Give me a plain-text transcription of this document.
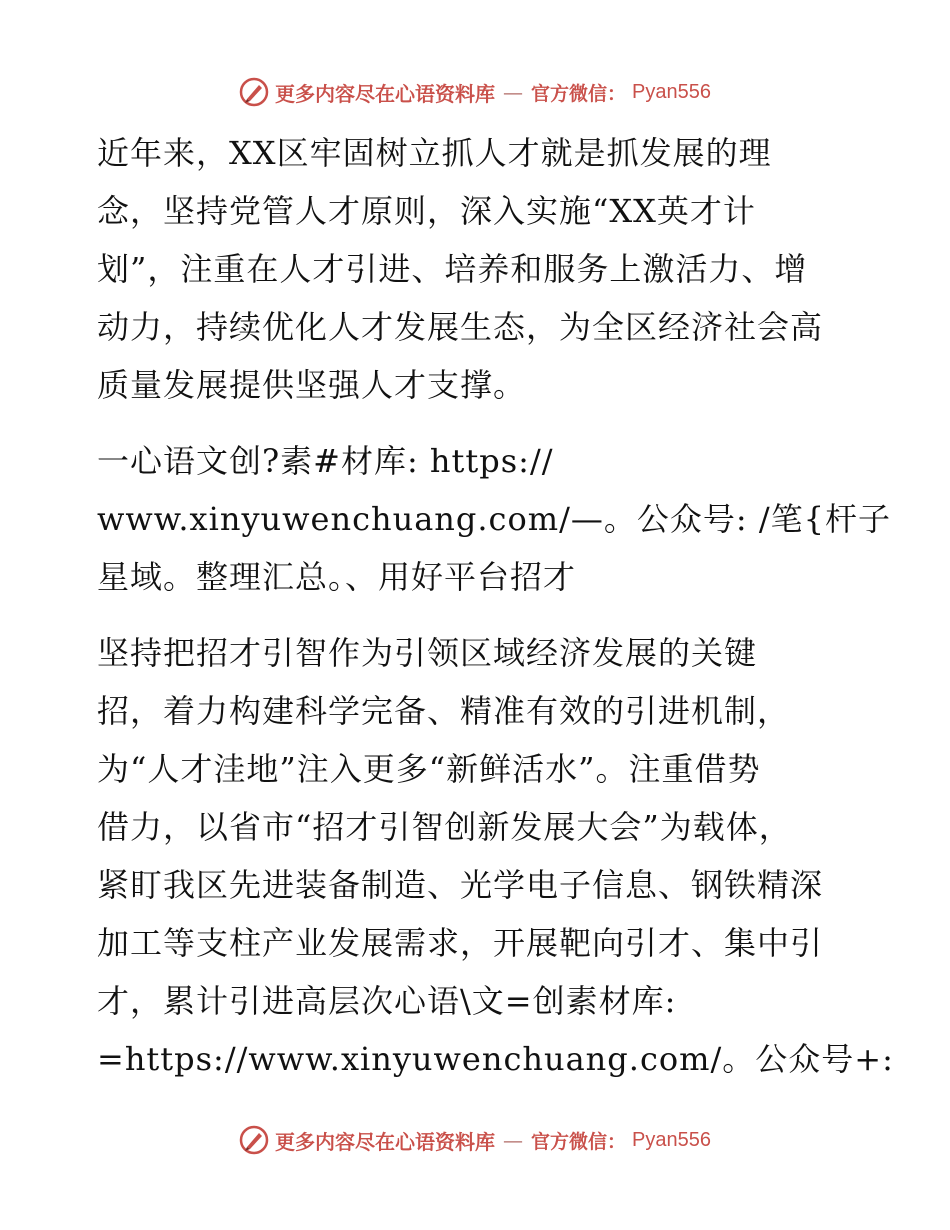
更多内容尽在心语资料库 — 官方微信： Pyan556
近年来，XX区牢固树立抓人才就是抓发展的理
念，坚持党管人才原则，深入实施“XX英才计
划”，注重在人才引进、培养和服务上激活力、增
动力，持续优化人才发展生态，为全区经济社会高
质量发展提供坚强人才支撑。
一心语文创?素#材库: https://
www.xinyuwenchuang.com/—。公众号: /笔{杆子
星域。整理汇总。、用好平台招才
坚持把招才引智作为引领区域经济发展的关键
招，着力构建科学完备、精准有效的引进机制，
为“人才洼地”注入更多“新鲜活水”。注重借势
借力，以省市“招才引智创新发展大会”为载体，
紧盯我区先进装备制造、光学电子信息、钢铁精深
加工等支柱产业发展需求，开展靶向引才、集中引
才，累计引进高层次心语\文=创素材库:
=https://www.xinyuwenchuang.com/。公众号+:
更多内容尽在心语资料库 — 官方微信： Pyan556
